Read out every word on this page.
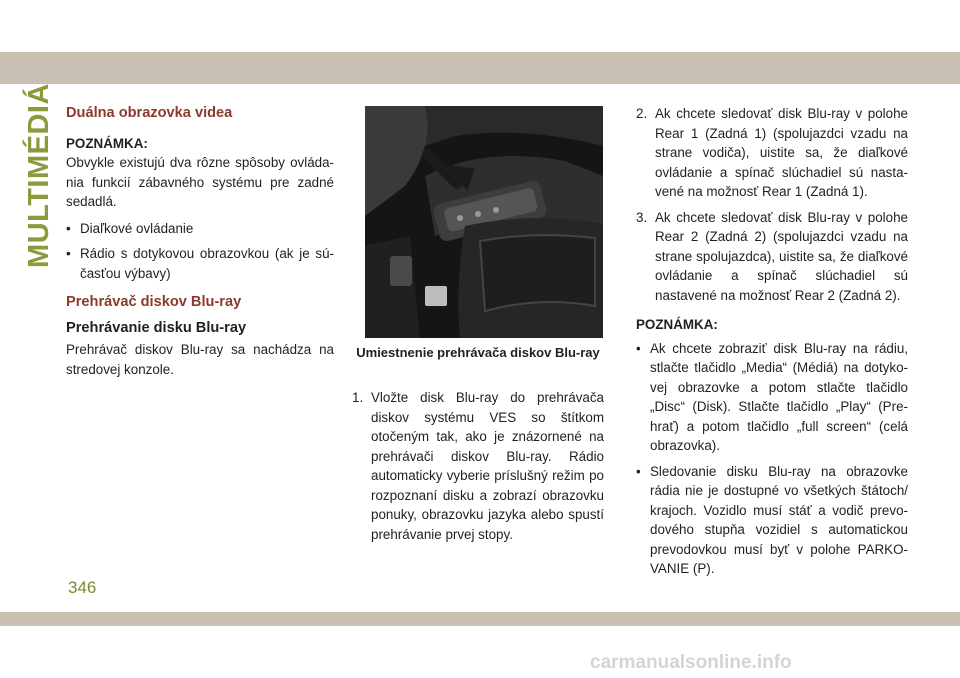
MULTIMÉDIÁ Duálna obrazovka videa
POZNÁMKA:

Obvykle existujú dva rôzne spôsoby ovládania funkcií zábavného systému pre zadné sedadlá.

• Diaľkové ovládanie
• Rádio s dotykovou obrazovkou (ak je súčasťou výbavy)
Prehrávač diskov Blu-ray
Prehrávanie disku Blu-ray

Prehrávač diskov Blu-ray sa nachádza na stredovej konzole.

Umiestnenie prehrávača diskov Blu-ray
1. Vložte disk Blu-ray do prehrávača diskov systému VES so štítkom otočeným tak, ako je znázornené na prehrávači diskov Blu-ray. Rádio automaticky vyberie príslušný režim po rozpoznaní disku a zobrazí obrazovku ponuky, obrazovku jazyka alebo spustí prehrávanie prvej stopy.
2. Ak chcete sledovať disk Blu-ray v polohe Rear 1 (Zadná 1) (spolujazdci vzadu na strane vodiča), uistite sa, že diaľkové ovládanie a spínač slúchadiel sú nastavené na možnosť Rear 1 (Zadná 1).
3. Ak chcete sledovať disk Blu-ray v polohe Rear 2 (Zadná 2) (spolujazdci vzadu na strane spolujazdca), uistite sa, že diaľkové ovládanie a spínač slúchadiel sú nastavené na možnosť Rear 2 (Zadná 2).
POZNÁMKA:
• Ak chcete zobraziť disk Blu-ray na rádiu, stlačte tlačidlo „Media“ (Médiá) na dotykovej obrazovke a potom stlačte tlačidlo „Disc“ (Disk). Stlačte tlačidlo „Play“ (Prehrať) a potom tlačidlo „full screen“ (celá obrazovka).
• Sledovanie disku Blu-ray na obrazovke rádia nie je dostupné vo všetkých štátoch/ krajoch. Vozidlo musí stáť a vodič prevodového stupňa vozidiel s automatickou prevodovkou musí byť v polohe PARKOVANIE (P).
346
carmanualsonline.info
